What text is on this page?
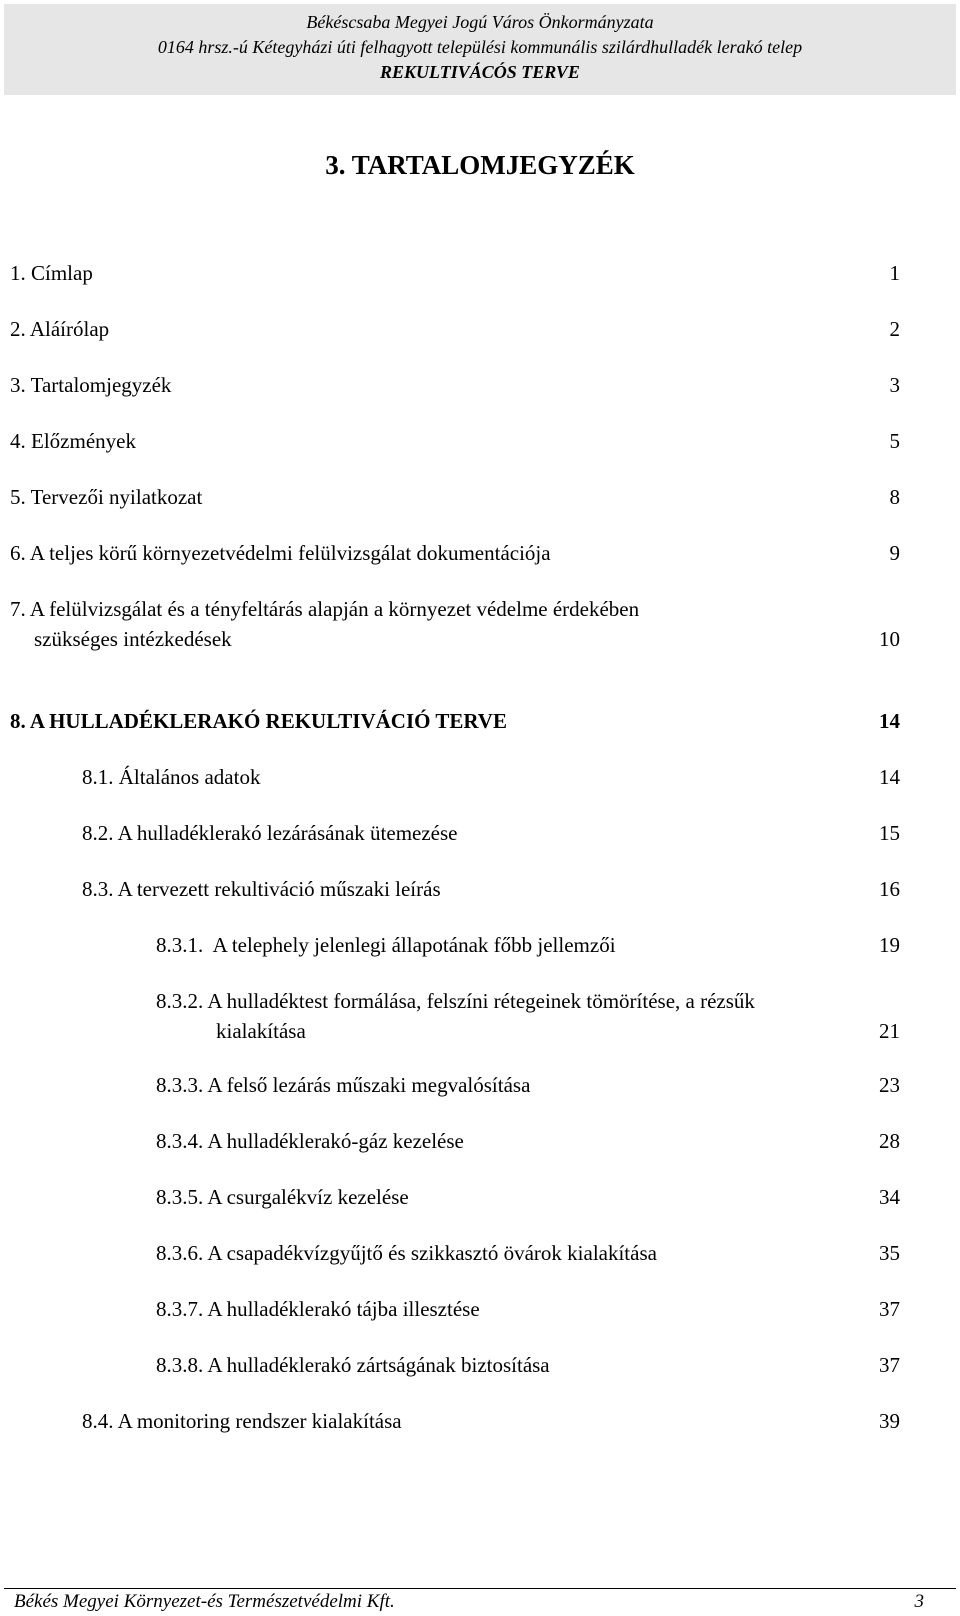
Békéscsaba Megyei Jogú Város Önkormányzata
0164 hrsz.-ú Kétegyházi úti felhagyott települési kommunális szilárdhulladék lerakó telep
REKULTIVÁCÓS TERVE
3. TARTALOMJEGYZÉK
1. Címlap	1
2. Aláírólap	2
3. Tartalomjegyzék	3
4. Előzmények	5
5. Tervezői nyilatkozat	8
6. A teljes körű környezetvédelmi felülvizsgálat dokumentációja	9
7. A felülvizsgálat és a tényfeltárás alapján a környezet védelme érdekében
szükséges intézkedések	10
8. A HULLADÉKLERAKÓ REKULTIVÁCIÓ TERVE	14
8.1. Általános adatok	14
8.2. A hulladéklerakó lezárásának ütemezése	15
8.3. A tervezett rekultiváció műszaki leírás	16
8.3.1.  A telephely jelenlegi állapotának főbb jellemzői	19
8.3.2. A hulladéktest formálása, felszíni rétegeinek tömörítése, a rézsűk
kialakítása	21
8.3.3. A felső lezárás műszaki megvalósítása	23
8.3.4. A hulladéklerakó-gáz kezelése	28
8.3.5. A csurgalékvíz kezelése	34
8.3.6. A csapadékvízgyűjtő és szikkasztó övárok kialakítása	35
8.3.7. A hulladéklerakó tájba illesztése	37
8.3.8. A hulladéklerakó zártságának biztosítása	37
8.4. A monitoring rendszer kialakítása	39
Békés Megyei Környezet-és Természetvédelmi Kft.	3
